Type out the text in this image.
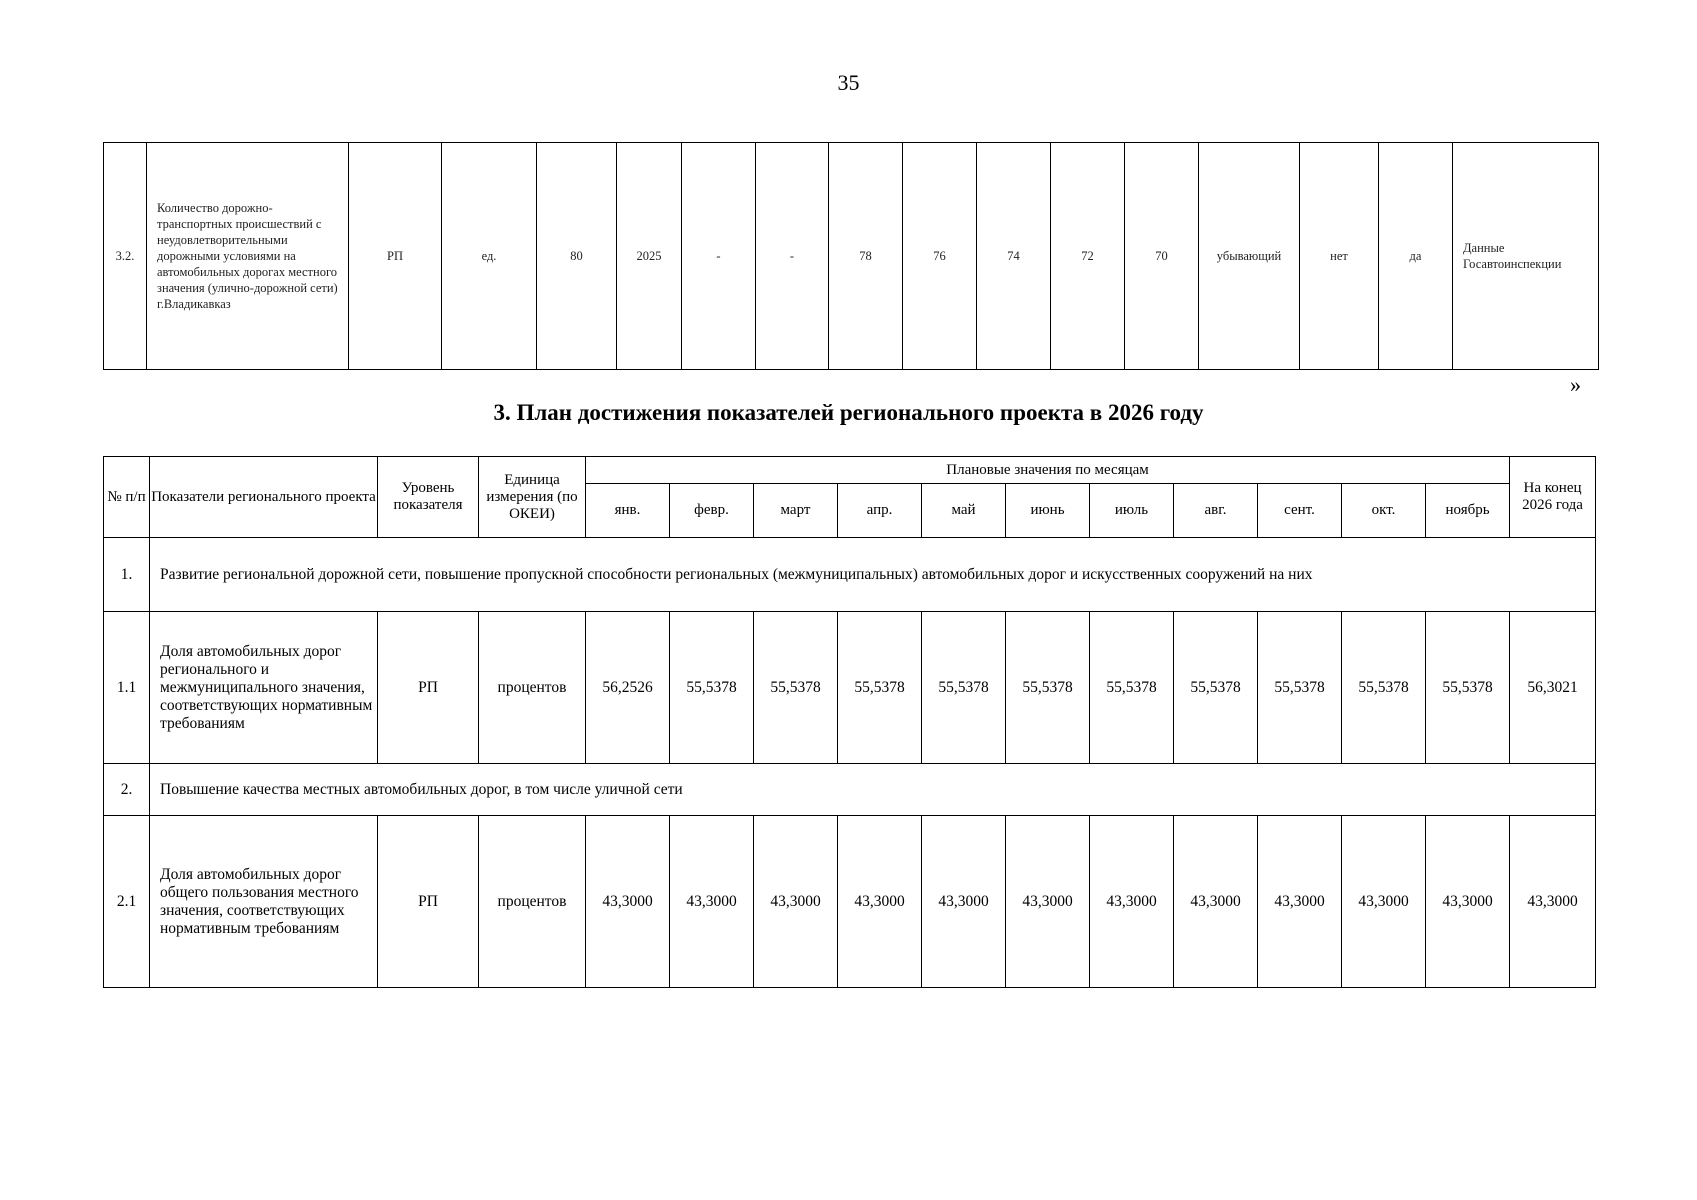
35
3.2.	Количество дорожно-транспортных происшествий с неудовлетворительными дорожными условиями на автомобильных дорогах местного значения (улично-дорожной сети) г.Владикавказ	РП	ед.	80	2025	-	-	78	76	74	72	70	убывающий	нет	да	Данные Госавтоинспекции
»
3. План достижения показателей регионального проекта в 2026 году
№ п/п	Показатели регионального проекта	Уровень показателя	Единица измерения (по ОКЕИ)	Плановые значения по месяцам											На конец 2026 года
				янв.	февр.	март	апр.	май	июнь	июль	авг.	сент.	окт.	ноябрь	
1.	Развитие региональной дорожной сети, повышение пропускной способности региональных (межмуниципальных) автомобильных дорог и искусственных сооружений на них														
1.1	Доля автомобильных дорог регионального и межмуниципального значения, соответствующих нормативным требованиям	РП	процентов	56,2526	55,5378	55,5378	55,5378	55,5378	55,5378	55,5378	55,5378	55,5378	55,5378	55,5378	56,3021
2.	Повышение качества местных автомобильных дорог, в том числе уличной сети														
2.1	Доля автомобильных дорог общего пользования местного значения, соответствующих нормативным требованиям	РП	процентов	43,3000	43,3000	43,3000	43,3000	43,3000	43,3000	43,3000	43,3000	43,3000	43,3000	43,3000	43,3000
